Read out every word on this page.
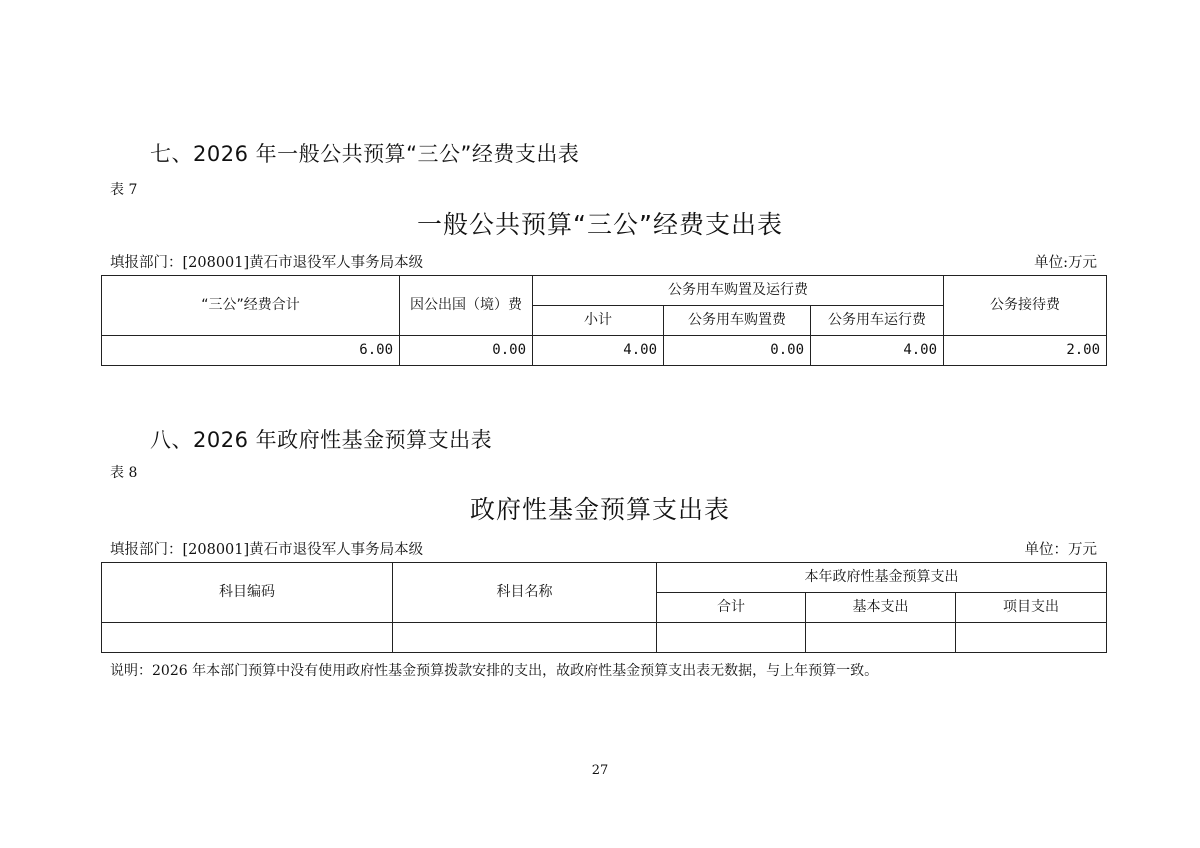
七、2026 年一般公共预算“三公”经费支出表
表 7
一般公共预算“三公”经费支出表
填报部门：[208001]黄石市退役军人事务局本级	单位:万元
“三公”经费合计	因公出国（境）费	公务用车购置及运行费			公务接待费
		小计	公务用车购置费	公务用车运行费	
6.00	0.00	4.00	0.00	4.00	2.00
八、2026 年政府性基金预算支出表
表 8
政府性基金预算支出表
填报部门：[208001]黄石市退役军人事务局本级	单位：万元
科目编码	科目名称	本年政府性基金预算支出		
		合计	基本支出	项目支出

说明：2026 年本部门预算中没有使用政府性基金预算拨款安排的支出，故政府性基金预算支出表无数据，与上年预算一致。
27
